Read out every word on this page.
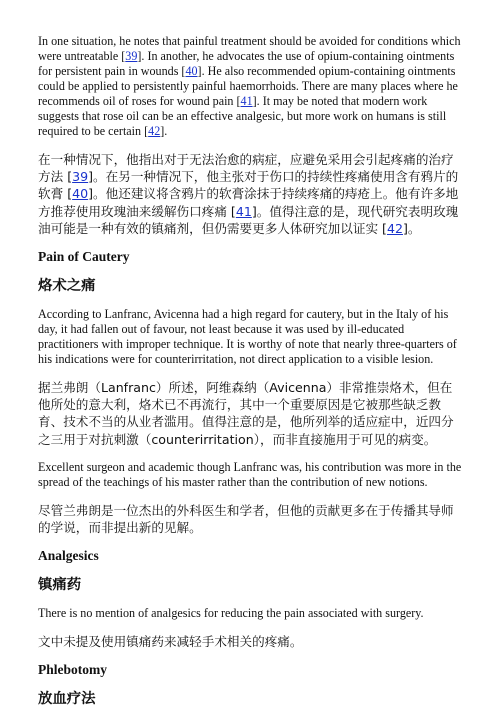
In one situation, he notes that painful treatment should be avoided for conditions which were untreatable [39]. In another, he advocates the use of opium-containing ointments for persistent pain in wounds [40]. He also recommended opium-containing ointments could be applied to persistently painful haemorrhoids. There are many places where he recommends oil of roses for wound pain [41]. It may be noted that modern work suggests that rose oil can be an effective analgesic, but more work on humans is still required to be certain [42].

在一种情况下，他指出对于无法治愈的病症，应避免采用会引起疼痛的治疗方法 [39]。在另一种情况下，他主张对于伤口的持续性疼痛使用含有鸦片的软膏 [40]。他还建议将含鸦片的软膏涂抹于持续疼痛的痔疮上。他有许多地方推荐使用玫瑰油来缓解伤口疼痛 [41]。值得注意的是，现代研究表明玫瑰油可能是一种有效的镇痛剂，但仍需要更多人体研究加以证实 [42]。

Pain of Cautery
烙术之痛

According to Lanfranc, Avicenna had a high regard for cautery, but in the Italy of his day, it had fallen out of favour, not least because it was used by ill-educated practitioners with improper technique. It is worthy of note that nearly three-quarters of his indications were for counterirritation, not direct application to a visible lesion.

据兰弗朗（Lanfranc）所述，阿维森纳（Avicenna）非常推崇烙术，但在他所处的意大利，烙术已不再流行，其中一个重要原因是它被那些缺乏教育、技术不当的从业者滥用。值得注意的是，他所列举的适应症中，近四分之三用于对抗刺激（counterirritation），而非直接施用于可见的病变。

Excellent surgeon and academic though Lanfranc was, his contribution was more in the spread of the teachings of his master rather than the contribution of new notions.

尽管兰弗朗是一位杰出的外科医生和学者，但他的贡献更多在于传播其导师的学说，而非提出新的见解。

Analgesics
镇痛药

There is no mention of analgesics for reducing the pain associated with surgery.

文中未提及使用镇痛药来减轻手术相关的疼痛。

Phlebotomy
放血疗法
